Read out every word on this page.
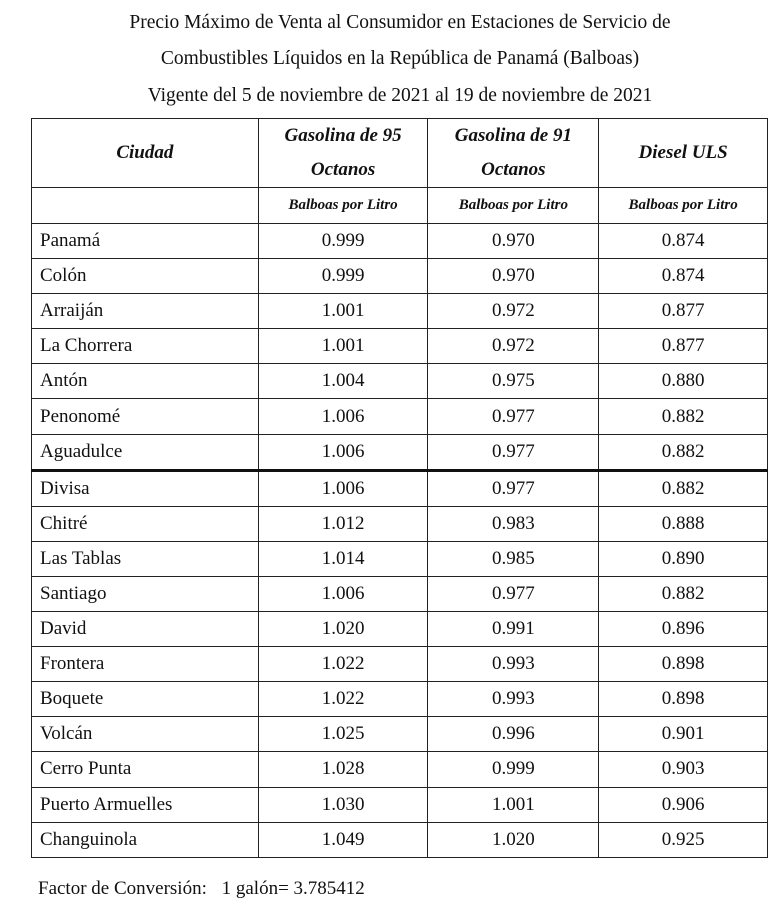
Precio Máximo de Venta al Consumidor en Estaciones de Servicio de
Combustibles Líquidos en la República de Panamá (Balboas)
Vigente del 5 de noviembre de 2021 al 19 de noviembre de 2021
Ciudad	Gasolina de 95 Octanos	Gasolina de 91 Octanos	Diesel ULS
	Balboas por Litro	Balboas por Litro	Balboas por Litro
Panamá	0.999	0.970	0.874
Colón	0.999	0.970	0.874
Arraiján	1.001	0.972	0.877
La Chorrera	1.001	0.972	0.877
Antón	1.004	0.975	0.880
Penonomé	1.006	0.977	0.882
Aguadulce	1.006	0.977	0.882
Divisa	1.006	0.977	0.882
Chitré	1.012	0.983	0.888
Las Tablas	1.014	0.985	0.890
Santiago	1.006	0.977	0.882
David	1.020	0.991	0.896
Frontera	1.022	0.993	0.898
Boquete	1.022	0.993	0.898
Volcán	1.025	0.996	0.901
Cerro Punta	1.028	0.999	0.903
Puerto Armuelles	1.030	1.001	0.906
Changuinola	1.049	1.020	0.925
Factor de Conversión: 1 galón= 3.785412
